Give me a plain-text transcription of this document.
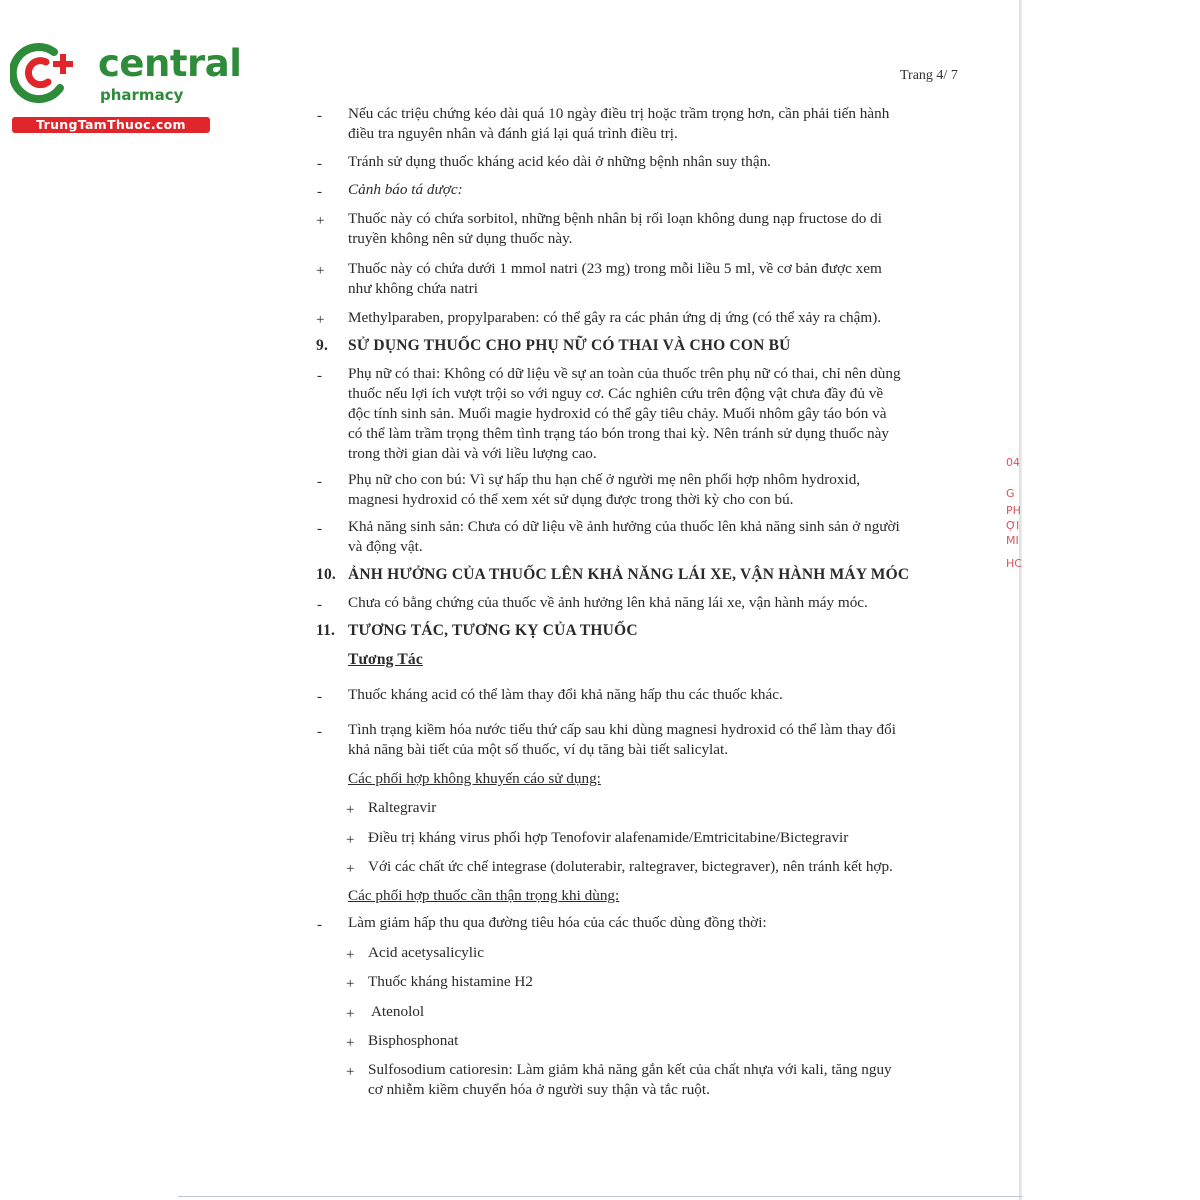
central
pharmacy
TrungTamThuoc.com
Trang 4/ 7
04
G
PH
ỢI
MI
HC
- Nếu các triệu chứng kéo dài quá 10 ngày điều trị hoặc trầm trọng hơn, cần phải tiến hành
điều tra nguyên nhân và đánh giá lại quá trình điều trị.
- Tránh sử dụng thuốc kháng acid kéo dài ở những bệnh nhân suy thận.
- Cảnh báo tá dược:
+ Thuốc này có chứa sorbitol, những bệnh nhân bị rối loạn không dung nạp fructose do di
truyền không nên sử dụng thuốc này.
+ Thuốc này có chứa dưới 1 mmol natri (23 mg) trong mỗi liều 5 ml, về cơ bản được xem
như không chứa natri
+ Methylparaben, propylparaben: có thể gây ra các phản ứng dị ứng (có thể xảy ra chậm).
9. SỬ DỤNG THUỐC CHO PHỤ NỮ CÓ THAI VÀ CHO CON BÚ
- Phụ nữ có thai: Không có dữ liệu về sự an toàn của thuốc trên phụ nữ có thai, chỉ nên dùng
thuốc nếu lợi ích vượt trội so với nguy cơ. Các nghiên cứu trên động vật chưa đầy đủ về
độc tính sinh sản. Muối magie hydroxid có thể gây tiêu chảy. Muối nhôm gây táo bón và
có thể làm trầm trọng thêm tình trạng táo bón trong thai kỳ. Nên tránh sử dụng thuốc này
trong thời gian dài và với liều lượng cao.
- Phụ nữ cho con bú: Vì sự hấp thu hạn chế ở người mẹ nên phối hợp nhôm hydroxid,
magnesi hydroxid có thể xem xét sử dụng được trong thời kỳ cho con bú.
- Khả năng sinh sản: Chưa có dữ liệu về ảnh hưởng của thuốc lên khả năng sinh sản ở người
và động vật.
10. ẢNH HƯỞNG CỦA THUỐC LÊN KHẢ NĂNG LÁI XE, VẬN HÀNH MÁY MÓC
- Chưa có bằng chứng của thuốc về ảnh hưởng lên khả năng lái xe, vận hành máy móc.
11. TƯƠNG TÁC, TƯƠNG KỴ CỦA THUỐC
Tương Tác
- Thuốc kháng acid có thể làm thay đổi khả năng hấp thu các thuốc khác.
- Tình trạng kiềm hóa nước tiểu thứ cấp sau khi dùng magnesi hydroxid có thể làm thay đổi
khả năng bài tiết của một số thuốc, ví dụ tăng bài tiết salicylat.
Các phối hợp không khuyến cáo sử dụng:
+ Raltegravir
+ Điều trị kháng virus phối hợp Tenofovir alafenamide/Emtricitabine/Bictegravir
+ Với các chất ức chế integrase (doluterabir, raltegraver, bictegraver), nên tránh kết hợp.
Các phối hợp thuốc cần thận trọng khi dùng:
- Làm giảm hấp thu qua đường tiêu hóa của các thuốc dùng đồng thời:
+ Acid acetysalicylic
+ Thuốc kháng histamine H2
+ Atenolol
+ Bisphosphonat
+ Sulfosodium catioresin: Làm giảm khả năng gắn kết của chất nhựa với kali, tăng nguy
cơ nhiễm kiềm chuyển hóa ở người suy thận và tắc ruột.
